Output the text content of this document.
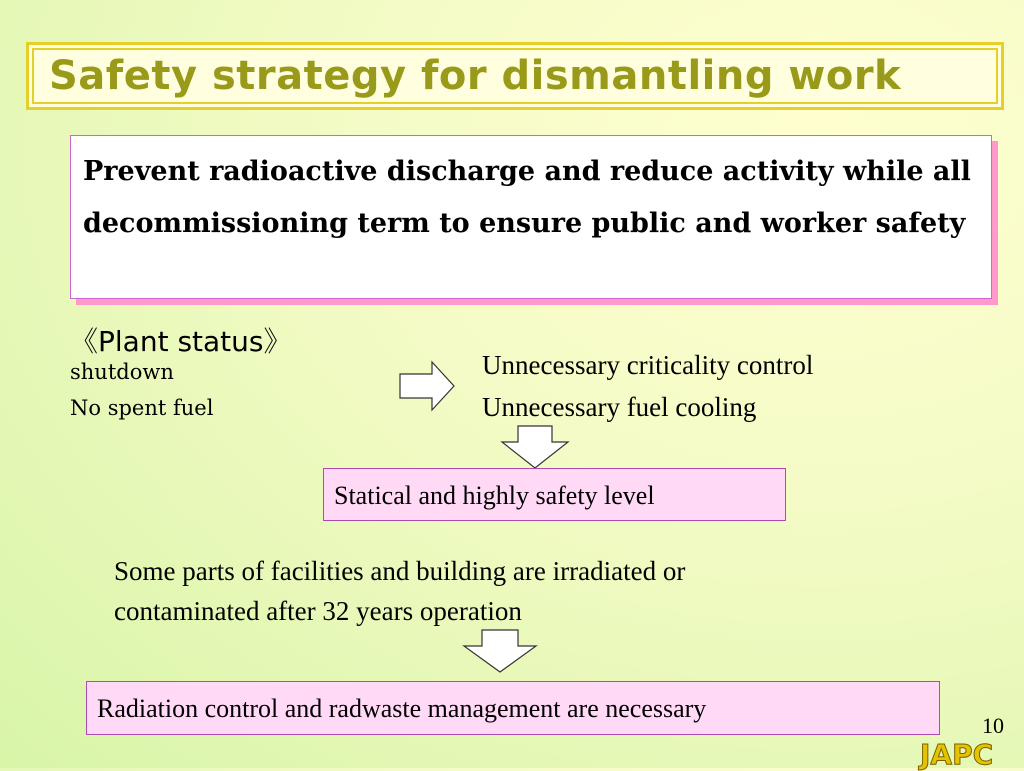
Safety strategy for dismantling work
Prevent radioactive discharge and reduce activity while all decommissioning term to ensure public and worker safety
《Plant status》
shutdown
No spent fuel
Unnecessary criticality control
Unnecessary fuel cooling
Statical and highly safety level
Some parts of facilities and building are irradiated or
contaminated after 32 years operation
Radiation control and radwaste management are necessary
10
JAPC
